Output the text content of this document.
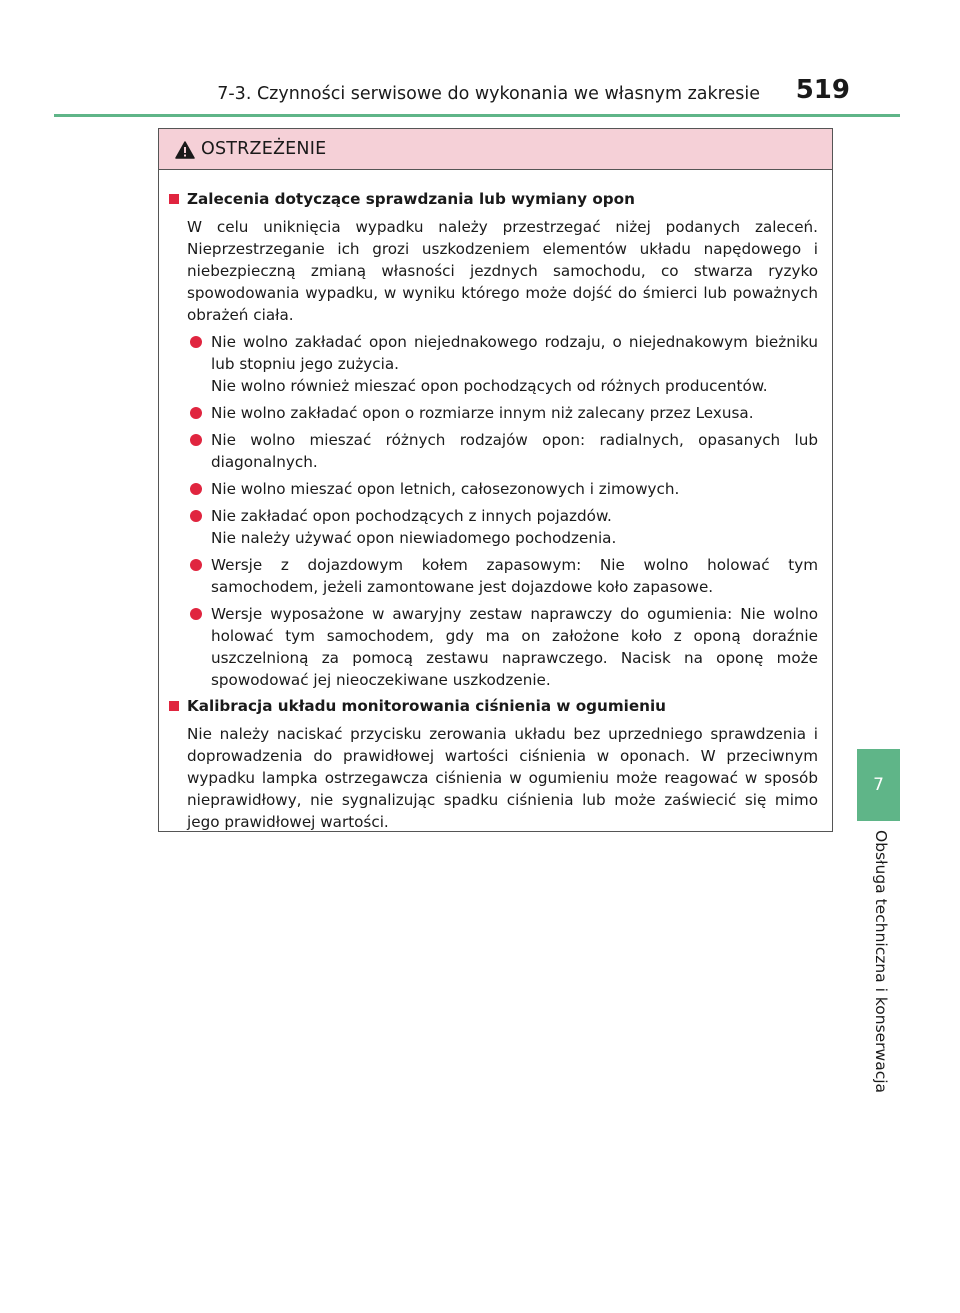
7-3. Czynności serwisowe do wykonania we własnym zakresie 519
7
Obsługa techniczna i konserwacja
OSTRZEŻENIE
Zalecenia dotyczące sprawdzania lub wymiany opon
W celu uniknięcia wypadku należy przestrzegać niżej podanych zaleceń. Nieprzestrzeganie ich grozi uszkodzeniem elementów układu napędowego i niebezpieczną zmianą własności jezdnych samochodu, co stwarza ryzyko spowodowania wypadku, w wyniku którego może dojść do śmierci lub poważnych obrażeń ciała.
Nie wolno zakładać opon niejednakowego rodzaju, o niejednakowym bieżniku lub stopniu jego zużycia.
Nie wolno również mieszać opon pochodzących od różnych producentów.
Nie wolno zakładać opon o rozmiarze innym niż zalecany przez Lexusa.
Nie wolno mieszać różnych rodzajów opon: radialnych, opasanych lub diagonalnych.
Nie wolno mieszać opon letnich, całosezonowych i zimowych.
Nie zakładać opon pochodzących z innych pojazdów.
Nie należy używać opon niewiadomego pochodzenia.
Wersje z dojazdowym kołem zapasowym: Nie wolno holować tym samochodem, jeżeli zamontowane jest dojazdowe koło zapasowe.
Wersje wyposażone w awaryjny zestaw naprawczy do ogumienia: Nie wolno holować tym samochodem, gdy ma on założone koło z oponą doraźnie uszczelnioną za pomocą zestawu naprawczego. Nacisk na oponę może spowodować jej nieoczekiwane uszkodzenie.
Kalibracja układu monitorowania ciśnienia w ogumieniu
Nie należy naciskać przycisku zerowania układu bez uprzedniego sprawdzenia i doprowadzenia do prawidłowej wartości ciśnienia w oponach. W przeciwnym wypadku lampka ostrzegawcza ciśnienia w ogumieniu może reagować w sposób nieprawidłowy, nie sygnalizując spadku ciśnienia lub może zaświecić się mimo jego prawidłowej wartości.
